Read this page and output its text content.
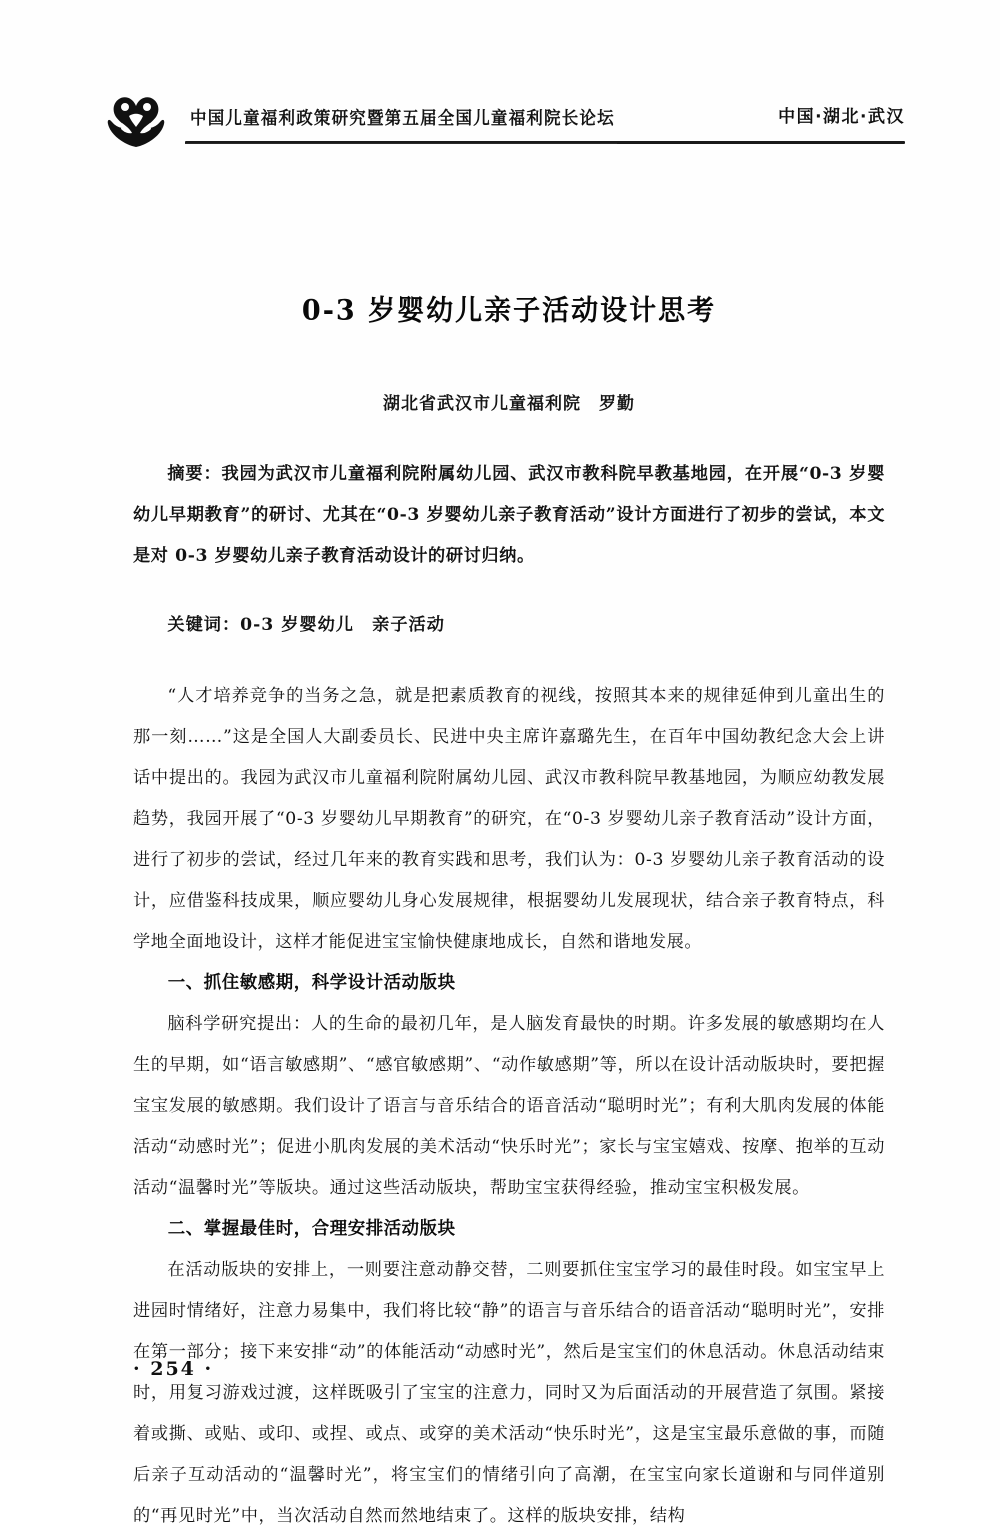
中国儿童福利政策研究暨第五届全国儿童福利院长论坛	中国·湖北·武汉
0-3 岁婴幼儿亲子活动设计思考
湖北省武汉市儿童福利院　罗勤

摘要：我园为武汉市儿童福利院附属幼儿园、武汉市教科院早教基地园，在开展“0-3 岁婴幼儿早期教育”的研讨、尤其在“0-3 岁婴幼儿亲子教育活动”设计方面进行了初步的尝试，本文是对 0-3 岁婴幼儿亲子教育活动设计的研讨归纳。

关键词：0-3 岁婴幼儿　亲子活动

“人才培养竞争的当务之急，就是把素质教育的视线，按照其本来的规律延伸到儿童出生的那一刻……”这是全国人大副委员长、民进中央主席许嘉璐先生，在百年中国幼教纪念大会上讲话中提出的。我园为武汉市儿童福利院附属幼儿园、武汉市教科院早教基地园，为顺应幼教发展趋势，我园开展了“0-3 岁婴幼儿早期教育”的研究，在“0-3 岁婴幼儿亲子教育活动”设计方面，进行了初步的尝试，经过几年来的教育实践和思考，我们认为：0-3 岁婴幼儿亲子教育活动的设计，应借鉴科技成果，顺应婴幼儿身心发展规律，根据婴幼儿发展现状，结合亲子教育特点，科学地全面地设计，这样才能促进宝宝愉快健康地成长，自然和谐地发展。

一、抓住敏感期，科学设计活动版块

脑科学研究提出：人的生命的最初几年，是人脑发育最快的时期。许多发展的敏感期均在人生的早期，如“语言敏感期”、“感官敏感期”、“动作敏感期”等，所以在设计活动版块时，要把握宝宝发展的敏感期。我们设计了语言与音乐结合的语音活动“聪明时光”；有利大肌肉发展的体能活动“动感时光”；促进小肌肉发展的美术活动“快乐时光”；家长与宝宝嬉戏、按摩、抱举的互动活动“温馨时光”等版块。通过这些活动版块，帮助宝宝获得经验，推动宝宝积极发展。

二、掌握最佳时，合理安排活动版块

在活动版块的安排上，一则要注意动静交替，二则要抓住宝宝学习的最佳时段。如宝宝早上进园时情绪好，注意力易集中，我们将比较“静”的语言与音乐结合的语音活动“聪明时光”，安排在第一部分；接下来安排“动”的体能活动“动感时光”，然后是宝宝们的休息活动。休息活动结束时，用复习游戏过渡，这样既吸引了宝宝的注意力，同时又为后面活动的开展营造了氛围。紧接着或撕、或贴、或印、或捏、或点、或穿的美术活动“快乐时光”，这是宝宝最乐意做的事，而随后亲子互动活动的“温馨时光”，将宝宝们的情绪引向了高潮，在宝宝向家长道谢和与同伴道别的“再见时光”中，当次活动自然而然地结束了。这样的版块安排，结构

· 254 ·
